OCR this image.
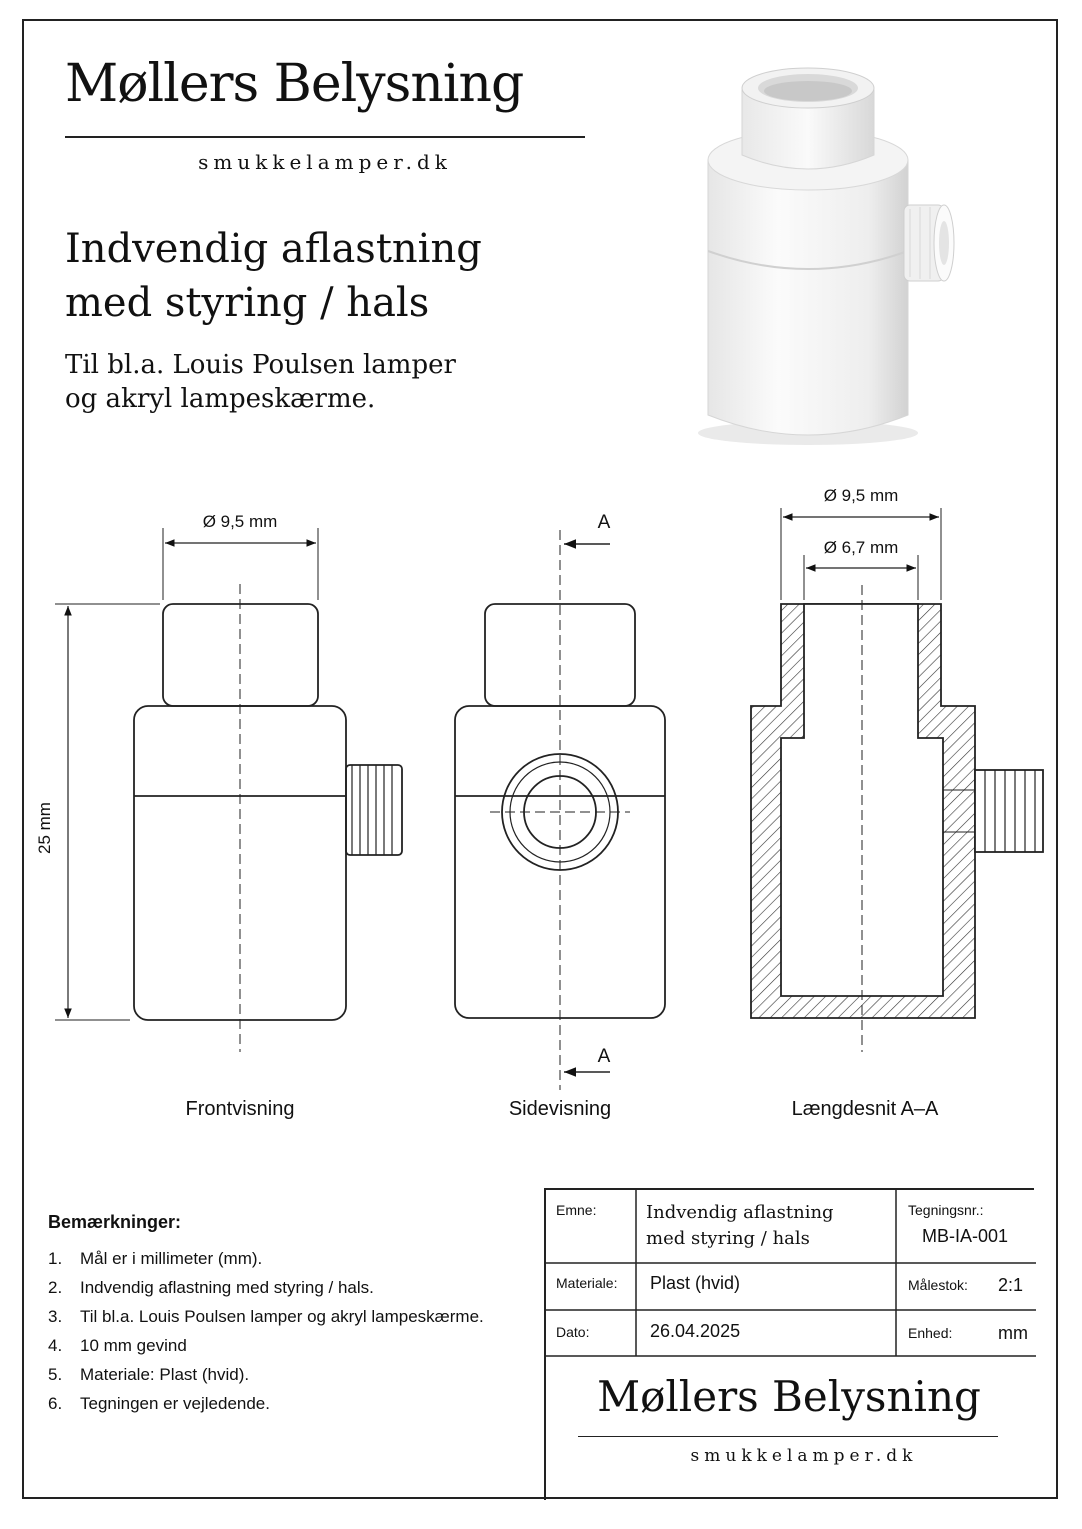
Møllers Belysning
smukkelamper.dk
Indvendig aflastning
med styring / hals
Til bl.a. Louis Poulsen lamper
og akryl lampeskærme.
Ø 9,5 mm
25 mm
A
A
Ø 9,5 mm
Ø 6,7 mm
Frontvisning	Sidevisning	Længdesnit A–A
Bemærkninger:
1. Mål er i millimeter (mm).
2. Indvendig aflastning med styring / hals.
3. Til bl.a. Louis Poulsen lamper og akryl lampeskærme.
4. 10 mm gevind
5. Materiale: Plast (hvid).
6. Tegningen er vejledende.
Emne:	Indvendig aflastning
med styring / hals
Tegningsnr.:
MB-IA-001
Materiale: Plast (hvid)	Målestok: 2:1
Dato:	26.04.2025	Enhed:	mm
Møllers Belysning
smukkelamper.dk
